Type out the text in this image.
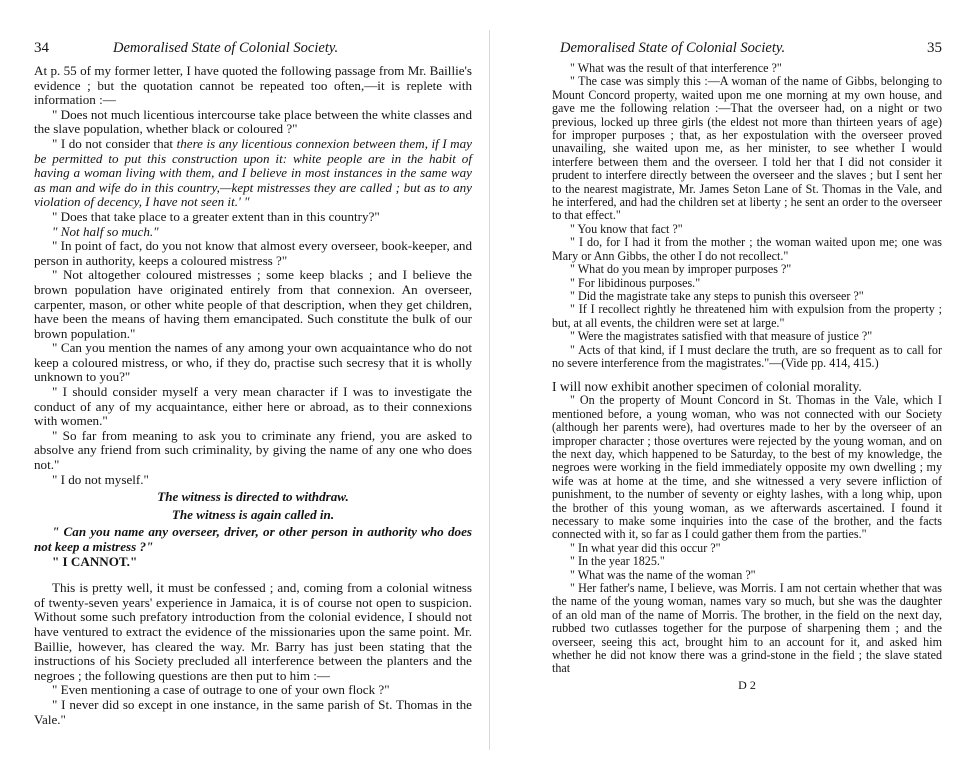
34	Demoralised State of Colonial Society.

At p. 55 of my former letter, I have quoted the following passage from Mr. Baillie's evidence ; but the quotation cannot be repeated too often,—it is replete with information :—

" Does not much licentious intercourse take place between the white classes and the slave population, whether black or coloured ?"

" I do not consider that there is any licentious connexion between them, if I may be permitted to put this construction upon it: white people are in the habit of having a woman living with them, and I believe in most instances in the same way as man and wife do in this country,—kept mistresses they are called ; but as to any violation of decency, I have not seen it.' "

" Does that take place to a greater extent than in this country?"

" Not half so much."

" In point of fact, do you not know that almost every overseer, book-keeper, and person in authority, keeps a coloured mistress ?"

" Not altogether coloured mistresses ; some keep blacks ; and I believe the brown population have originated entirely from that connexion. An overseer, carpenter, mason, or other white people of that description, when they get children, have been the means of having them emancipated. Such constitute the bulk of our brown population."

" Can you mention the names of any among your own acquaintance who do not keep a coloured mistress, or who, if they do, practise such secresy that it is wholly unknown to you?"

" I should consider myself a very mean character if I was to investigate the conduct of any of my acquaintance, either here or abroad, as to their connexions with women."

" So far from meaning to ask you to criminate any friend, you are asked to absolve any friend from such criminality, by giving the name of any one who does not."

" I do not myself."

The witness is directed to withdraw.

The witness is again called in.

" Can you name any overseer, driver, or other person in authority who does not keep a mistress ?"

" I CANNOT."

This is pretty well, it must be confessed ; and, coming from a colonial witness of twenty-seven years' experience in Jamaica, it is of course not open to suspicion. Without some such prefatory introduction from the colonial evidence, I should not have ventured to extract the evidence of the missionaries upon the same point. Mr. Baillie, however, has cleared the way. Mr. Barry has just been stating that the instructions of his Society precluded all interference between the planters and the negroes ; the following questions are then put to him :—

" Even mentioning a case of outrage to one of your own flock ?"

" I never did so except in one instance, in the same parish of St. Thomas in the Vale."

Demoralised State of Colonial Society.	35

" What was the result of that interference ?"

" The case was simply this :—A woman of the name of Gibbs, belonging to Mount Concord property, waited upon me one morning at my own house, and gave me the following relation :—That the overseer had, on a night or two previous, locked up three girls (the eldest not more than thirteen years of age) for improper purposes ; that, as her expostulation with the overseer proved unavailing, she waited upon me, as her minister, to see whether I would interfere between them and the overseer. I told her that I did not consider it prudent to interfere directly between the overseer and the slaves ; but I sent her to the nearest magistrate, Mr. James Seton Lane of St. Thomas in the Vale, and he interfered, and had the children set at liberty ; he sent an order to the overseer to that effect."

" You know that fact ?"

" I do, for I had it from the mother ; the woman waited upon me; one was Mary or Ann Gibbs, the other I do not recollect."

" What do you mean by improper purposes ?"

" For libidinous purposes."

" Did the magistrate take any steps to punish this overseer ?"

" If I recollect rightly he threatened him with expulsion from the property ; but, at all events, the children were set at large."

" Were the magistrates satisfied with that measure of justice ?"

" Acts of that kind, if I must declare the truth, are so frequent as to call for no severe interference from the magistrates."—(Vide pp. 414, 415.)

I will now exhibit another specimen of colonial morality.

" On the property of Mount Concord in St. Thomas in the Vale, which I mentioned before, a young woman, who was not connected with our Society (although her parents were), had overtures made to her by the overseer of an improper character ; those overtures were rejected by the young woman, and on the next day, which happened to be Saturday, to the best of my knowledge, the negroes were working in the field immediately opposite my own dwelling ; my wife was at home at the time, and she witnessed a very severe infliction of punishment, to the number of seventy or eighty lashes, with a long whip, upon the brother of this young woman, as we afterwards ascertained. I found it necessary to make some inquiries into the case of the brother, and the facts connected with it, so far as I could gather them from the parties."

" In what year did this occur ?"

" In the year 1825."

" What was the name of the woman ?"

" Her father's name, I believe, was Morris. I am not certain whether that was the name of the young woman, names vary so much, but she was the daughter of an old man of the name of Morris. The brother, in the field on the next day, rubbed two cutlasses together for the purpose of sharpening them ; and the overseer, seeing this act, brought him to an account for it, and asked him whether he did not know there was a grind-stone in the field ; the slave stated that

D 2
